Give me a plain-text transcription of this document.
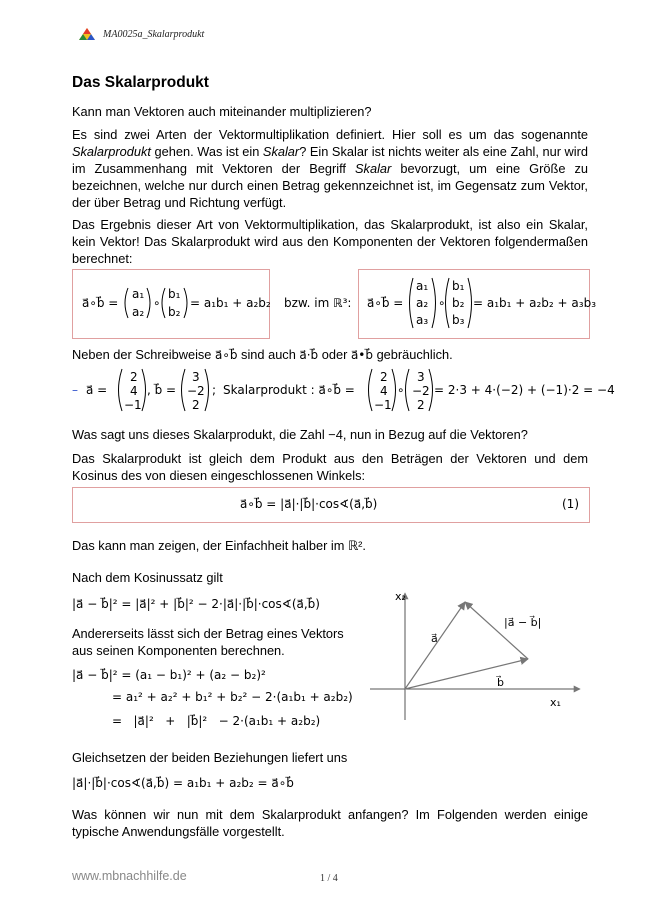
MA0025a_Skalarprodukt
Das Skalarprodukt
Kann man Vektoren auch miteinander multiplizieren?
Es sind zwei Arten der Vektormultiplikation definiert. Hier soll es um das sogenannte Skalarprodukt gehen. Was ist ein Skalar? Ein Skalar ist nichts weiter als eine Zahl, nur wird im Zusammenhang mit Vektoren der Begriff Skalar bevorzugt, um eine Größe zu bezeichnen, welche nur durch einen Betrag gekennzeichnet ist, im Gegensatz zum Vektor, der über Betrag und Richtung verfügt.
Das Ergebnis dieser Art von Vektormultiplikation, das Skalarprodukt, ist also ein Skalar, kein Vektor! Das Skalarprodukt wird aus den Komponenten der Vektoren folgendermaßen berechnet:
a⃗∘b⃗ =
a₁
a₂
∘
b₁
b₂
= a₁b₁ + a₂b₂ bzw. im ℝ³: a⃗∘b⃗ =
a₁
a₂
a₃
∘
b₁
b₂
b₃
= a₁b₁ + a₂b₂ + a₃b₃
Neben der Schreibweise a⃗∘b⃗ sind auch a⃗·b⃗ oder a⃗•b⃗ gebräuchlich.
– a⃗ =
2
4
−1
, b⃗ =
3
−2
2
; Skalarprodukt : a⃗∘b⃗ =
2
4
−1
∘
3
−2
2
= 2·3 + 4·(−2) + (−1)·2 = −4
Was sagt uns dieses Skalarprodukt, die Zahl −4, nun in Bezug auf die Vektoren?
Das Skalarprodukt ist gleich dem Produkt aus den Beträgen der Vektoren und dem Kosinus des von diesen eingeschlossenen Winkels:
a⃗∘b⃗ = |a⃗|·|b⃗|·cos∢(a⃗,b⃗)	(1)
Das kann man zeigen, der Einfachheit halber im ℝ².
Nach dem Kosinussatz gilt
|a⃗ − b⃗|² = |a⃗|² + |b⃗|² − 2·|a⃗|·|b⃗|·cos∢(a⃗,b⃗)
Andererseits lässt sich der Betrag eines Vektors aus seinen Komponenten berechnen.
|a⃗ − b⃗|² = (a₁ − b₁)² + (a₂ − b₂)²
= a₁² + a₂² + b₁² + b₂² − 2·(a₁b₁ + a₂b₂)
=   |a⃗|²   +   |b⃗|²   − 2·(a₁b₁ + a₂b₂)
x₂
x₁
a⃗
b⃗
|a⃗ − b⃗|
Gleichsetzen der beiden Beziehungen liefert uns
|a⃗|·|b⃗|·cos∢(a⃗,b⃗) = a₁b₁ + a₂b₂ = a⃗∘b⃗
Was können wir nun mit dem Skalarprodukt anfangen? Im Folgenden werden einige typische Anwendungsfälle vorgestellt.
www.mbnachhilfe.de	1 / 4
